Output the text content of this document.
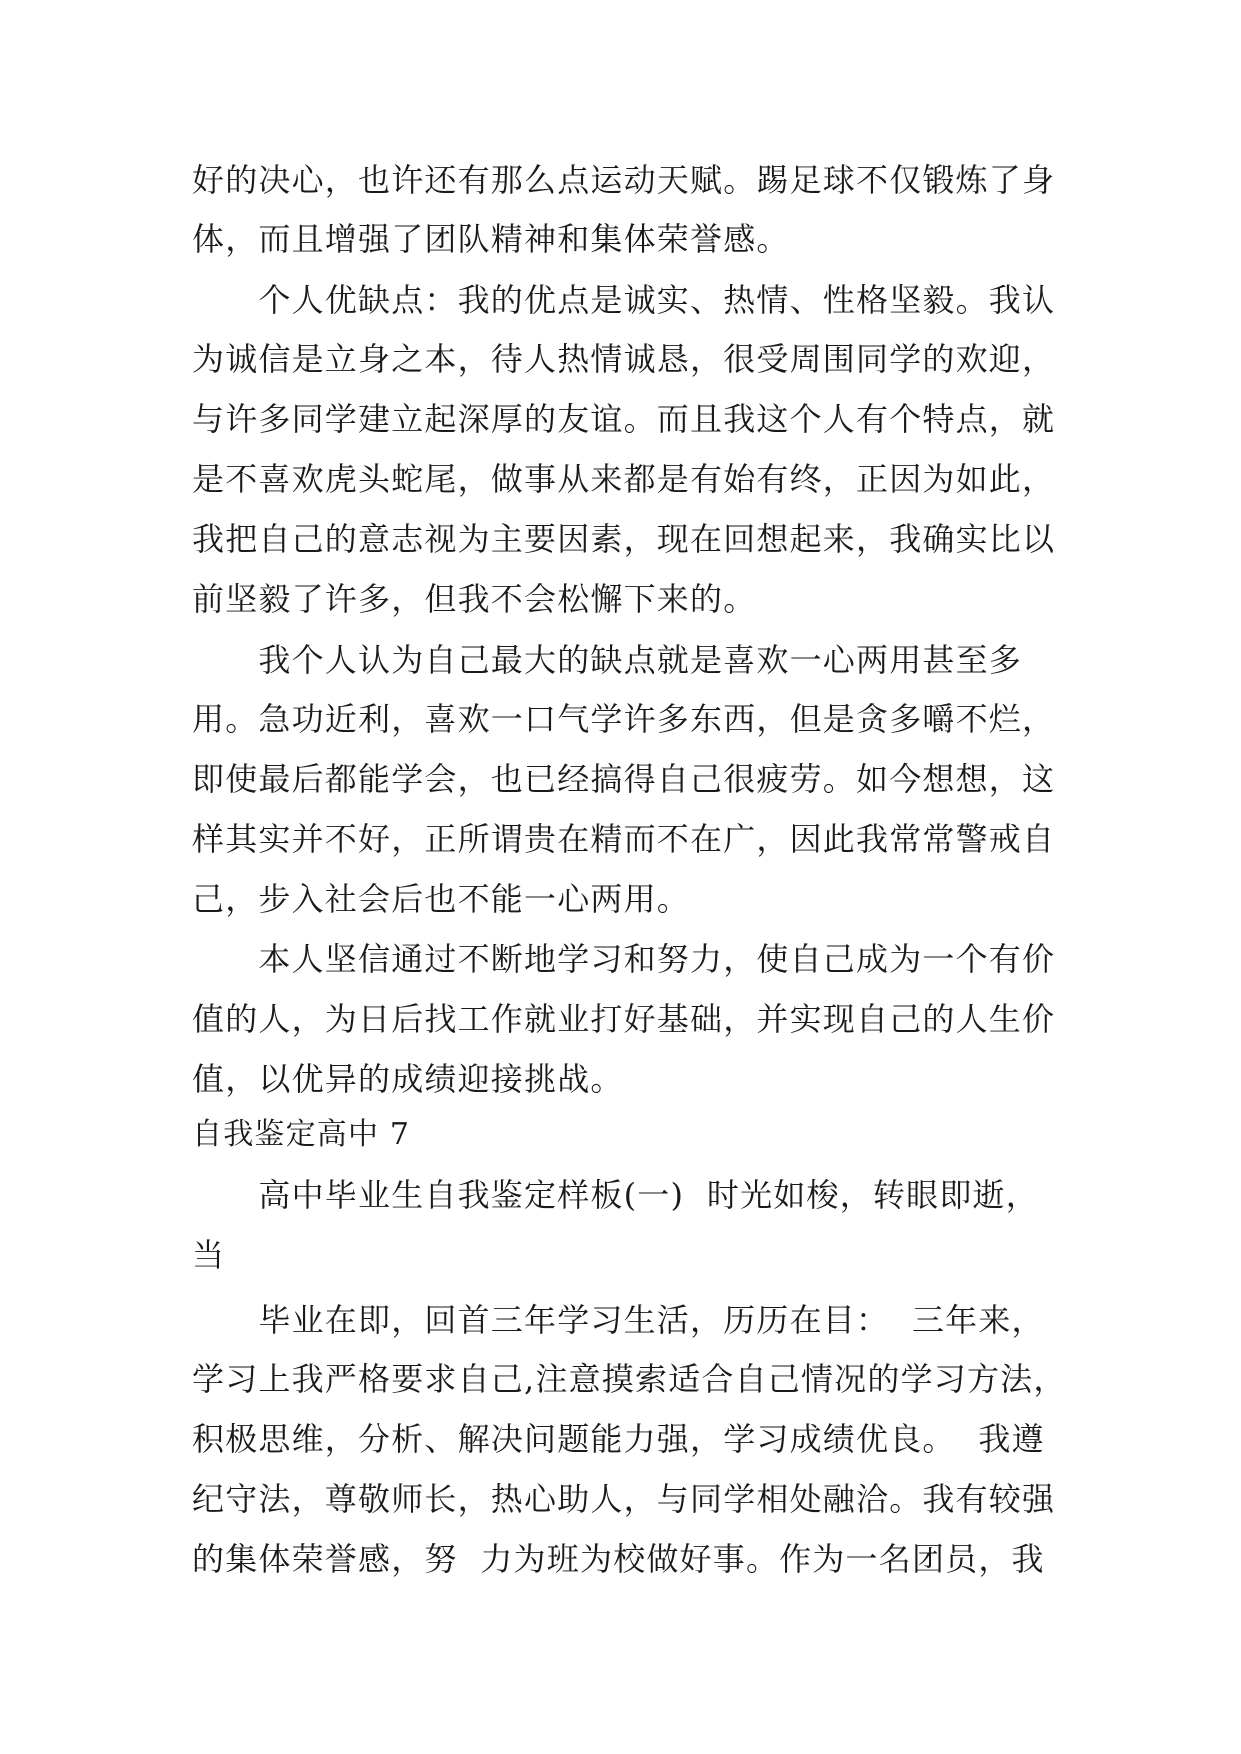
好的决心，也许还有那么点运动天赋。踢足球不仅锻炼了身
体，而且增强了团队精神和集体荣誉感。
　　个人优缺点：我的优点是诚实、热情、性格坚毅。我认
为诚信是立身之本，待人热情诚恳，很受周围同学的欢迎，
与许多同学建立起深厚的友谊。而且我这个人有个特点，就
是不喜欢虎头蛇尾，做事从来都是有始有终，正因为如此，
我把自己的意志视为主要因素，现在回想起来，我确实比以
前坚毅了许多，但我不会松懈下来的。
　　我个人认为自己最大的缺点就是喜欢一心两用甚至多
用。急功近利，喜欢一口气学许多东西，但是贪多嚼不烂，
即使最后都能学会，也已经搞得自己很疲劳。如今想想，这
样其实并不好，正所谓贵在精而不在广，因此我常常警戒自
己，步入社会后也不能一心两用。
　　本人坚信通过不断地学习和努力，使自己成为一个有价
值的人，为日后找工作就业打好基础，并实现自己的人生价
值，以优异的成绩迎接挑战。
自我鉴定高中 7
　　高中毕业生自我鉴定样板(一)  时光如梭，转眼即逝，
当
　　毕业在即，回首三年学习生活，历历在目：  三年来，
学习上我严格要求自己,注意摸索适合自己情况的学习方法，
积极思维，分析、解决问题能力强，学习成绩优良。  我遵
纪守法，尊敬师长，热心助人，与同学相处融洽。我有较强
的集体荣誉感，努  力为班为校做好事。作为一名团员，我
